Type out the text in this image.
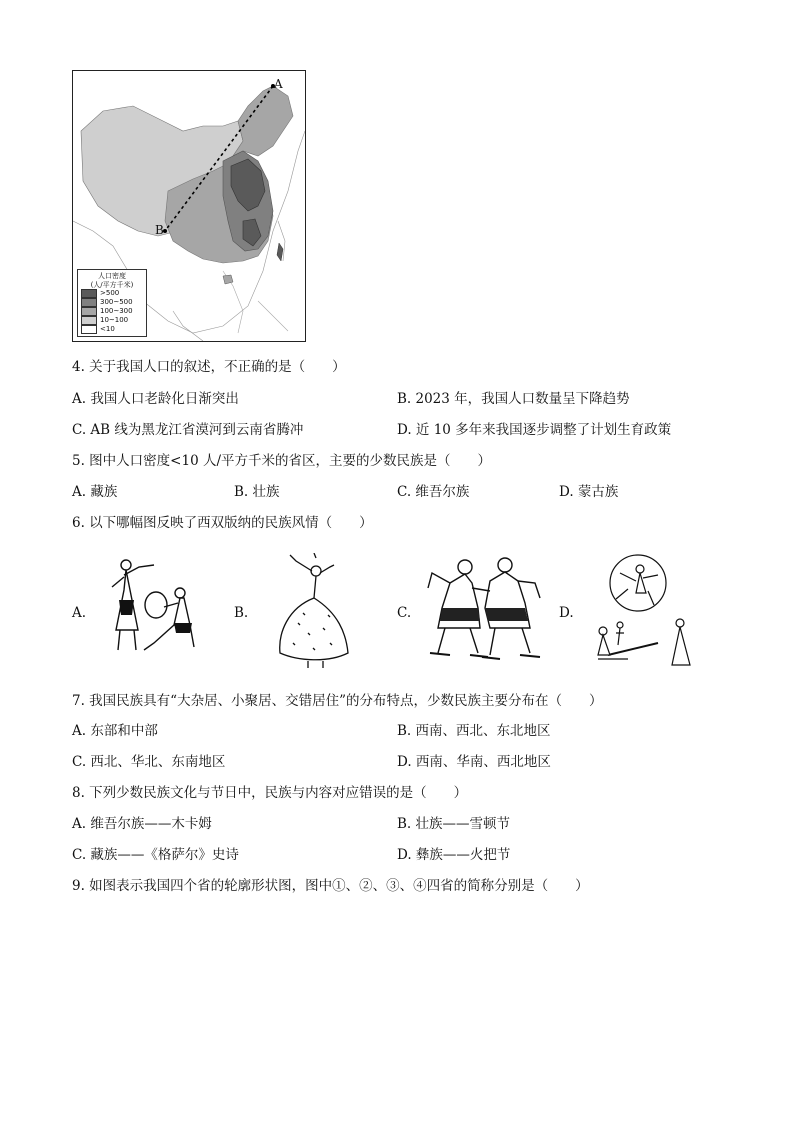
A
B
人口密度
(人/平方千米)
>500
300~500
100~300
10~100
<10
4. 关于我国人口的叙述，不正确的是（　　）
A. 我国人口老龄化日渐突出	B. 2023 年，我国人口数量呈下降趋势
C. AB 线为黑龙江省漠河到云南省腾冲	D. 近 10 多年来我国逐步调整了计划生育政策
5. 图中人口密度<10 人/平方千米的省区，主要的少数民族是（　　）
A. 藏族	B. 壮族	C. 维吾尔族	D. 蒙古族
6. 以下哪幅图反映了西双版纳的民族风情（　　）
A.	B.	C.	D.
7. 我国民族具有“大杂居、小聚居、交错居住”的分布特点，少数民族主要分布在（　　）
A. 东部和中部	B. 西南、西北、东北地区
C. 西北、华北、东南地区	D. 西南、华南、西北地区
8. 下列少数民族文化与节日中，民族与内容对应错误的是（　　）
A. 维吾尔族——木卡姆	B. 壮族——雪顿节
C. 藏族——《格萨尔》史诗	D. 彝族——火把节
9. 如图表示我国四个省的轮廓形状图，图中①、②、③、④四省的简称分别是（　　）
